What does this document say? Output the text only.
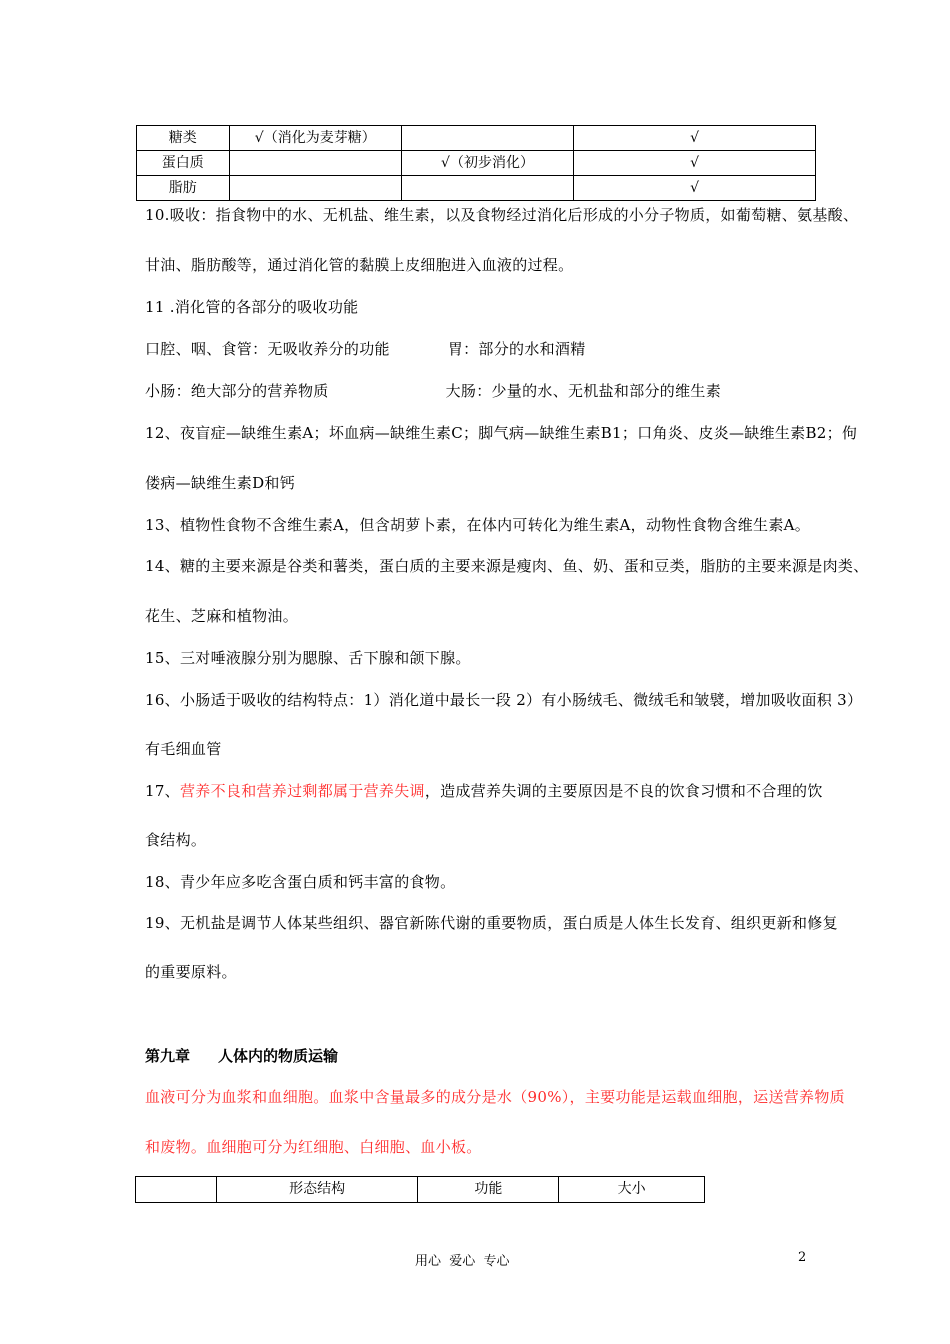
糖类	√（消化为麦芽糖）		√
蛋白质		√（初步消化）	√
脂肪			√
10.吸收：指食物中的水、无机盐、维生素，以及食物经过消化后形成的小分子物质，如葡萄糖、氨基酸、
甘油、脂肪酸等，通过消化管的黏膜上皮细胞进入血液的过程。
11 .消化管的各部分的吸收功能
口腔、咽、食管：无吸收养分的功能	胃：部分的水和酒精
小肠：绝大部分的营养物质	大肠：少量的水、无机盐和部分的维生素
12、夜盲症—缺维生素A；坏血病—缺维生素C；脚气病—缺维生素B1；口角炎、皮炎—缺维生素B2；佝
偻病—缺维生素D和钙
13、植物性食物不含维生素A，但含胡萝卜素，在体内可转化为维生素A，动物性食物含维生素A。
14、糖的主要来源是谷类和薯类，蛋白质的主要来源是瘦肉、鱼、奶、蛋和豆类，脂肪的主要来源是肉类、
花生、芝麻和植物油。
15、三对唾液腺分别为腮腺、舌下腺和颌下腺。
16、小肠适于吸收的结构特点：1）消化道中最长一段 2）有小肠绒毛、微绒毛和皱襞，增加吸收面积 3）
有毛细血管
17、营养不良和营养过剩都属于营养失调，造成营养失调的主要原因是不良的饮食习惯和不合理的饮
食结构。
18、青少年应多吃含蛋白质和钙丰富的食物。
19、无机盐是调节人体某些组织、器官新陈代谢的重要物质，蛋白质是人体生长发育、组织更新和修复
的重要原料。
第九章 人体内的物质运输
血液可分为血浆和血细胞。血浆中含量最多的成分是水（90%），主要功能是运载血细胞，运送营养物质
和废物。血细胞可分为红细胞、白细胞、血小板。
	形态结构	功能	大小
用心  爱心  专心	2
